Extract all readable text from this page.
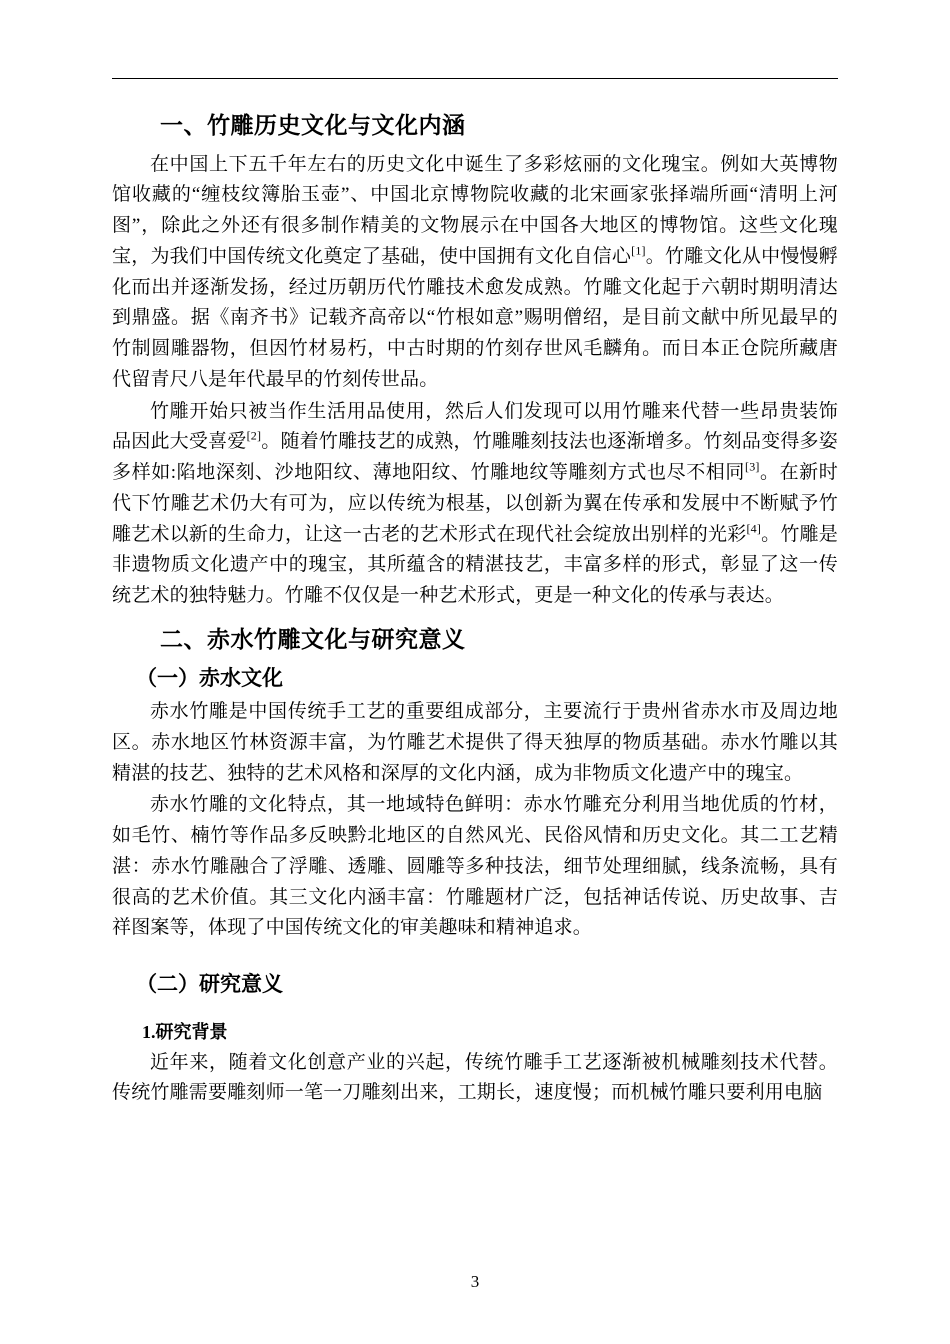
一、竹雕历史文化与文化内涵

在中国上下五千年左右的历史文化中诞生了多彩炫丽的文化瑰宝。例如大英博物馆收藏的“缠枝纹簿胎玉壶”、中国北京博物院收藏的北宋画家张择端所画“清明上河图”，除此之外还有很多制作精美的文物展示在中国各大地区的博物馆。这些文化瑰宝，为我们中国传统文化奠定了基础，使中国拥有文化自信心[1]。竹雕文化从中慢慢孵化而出并逐渐发扬，经过历朝历代竹雕技术愈发成熟。竹雕文化起于六朝时期明清达到鼎盛。据《南齐书》记载齐高帝以“竹根如意”赐明僧绍，是目前文献中所见最早的竹制圆雕器物，但因竹材易朽，中古时期的竹刻存世风毛麟角。而日本正仓院所藏唐代留青尺八是年代最早的竹刻传世品。

竹雕开始只被当作生活用品使用，然后人们发现可以用竹雕来代替一些昂贵装饰品因此大受喜爱[2]。随着竹雕技艺的成熟，竹雕雕刻技法也逐渐增多。竹刻品变得多姿多样如:陷地深刻、沙地阳纹、薄地阳纹、竹雕地纹等雕刻方式也尽不相同[3]。在新时代下竹雕艺术仍大有可为，应以传统为根基，以创新为翼在传承和发展中不断赋予竹雕艺术以新的生命力，让这一古老的艺术形式在现代社会绽放出别样的光彩[4]。竹雕是非遗物质文化遗产中的瑰宝，其所蕴含的精湛技艺，丰富多样的形式，彰显了这一传统艺术的独特魅力。竹雕不仅仅是一种艺术形式，更是一种文化的传承与表达。

二、赤水竹雕文化与研究意义
（一）赤水文化

赤水竹雕是中国传统手工艺的重要组成部分，主要流行于贵州省赤水市及周边地区。赤水地区竹林资源丰富，为竹雕艺术提供了得天独厚的物质基础。赤水竹雕以其精湛的技艺、独特的艺术风格和深厚的文化内涵，成为非物质文化遗产中的瑰宝。

赤水竹雕的文化特点，其一地域特色鲜明：赤水竹雕充分利用当地优质的竹材，如毛竹、楠竹等作品多反映黔北地区的自然风光、民俗风情和历史文化。其二工艺精湛：赤水竹雕融合了浮雕、透雕、圆雕等多种技法，细节处理细腻，线条流畅，具有很高的艺术价值。其三文化内涵丰富：竹雕题材广泛，包括神话传说、历史故事、吉祥图案等，体现了中国传统文化的审美趣味和精神追求。

（二）研究意义
1.研究背景

近年来，随着文化创意产业的兴起，传统竹雕手工艺逐渐被机械雕刻技术代替。传统竹雕需要雕刻师一笔一刀雕刻出来，工期长，速度慢；而机械竹雕只要利用电脑

3
